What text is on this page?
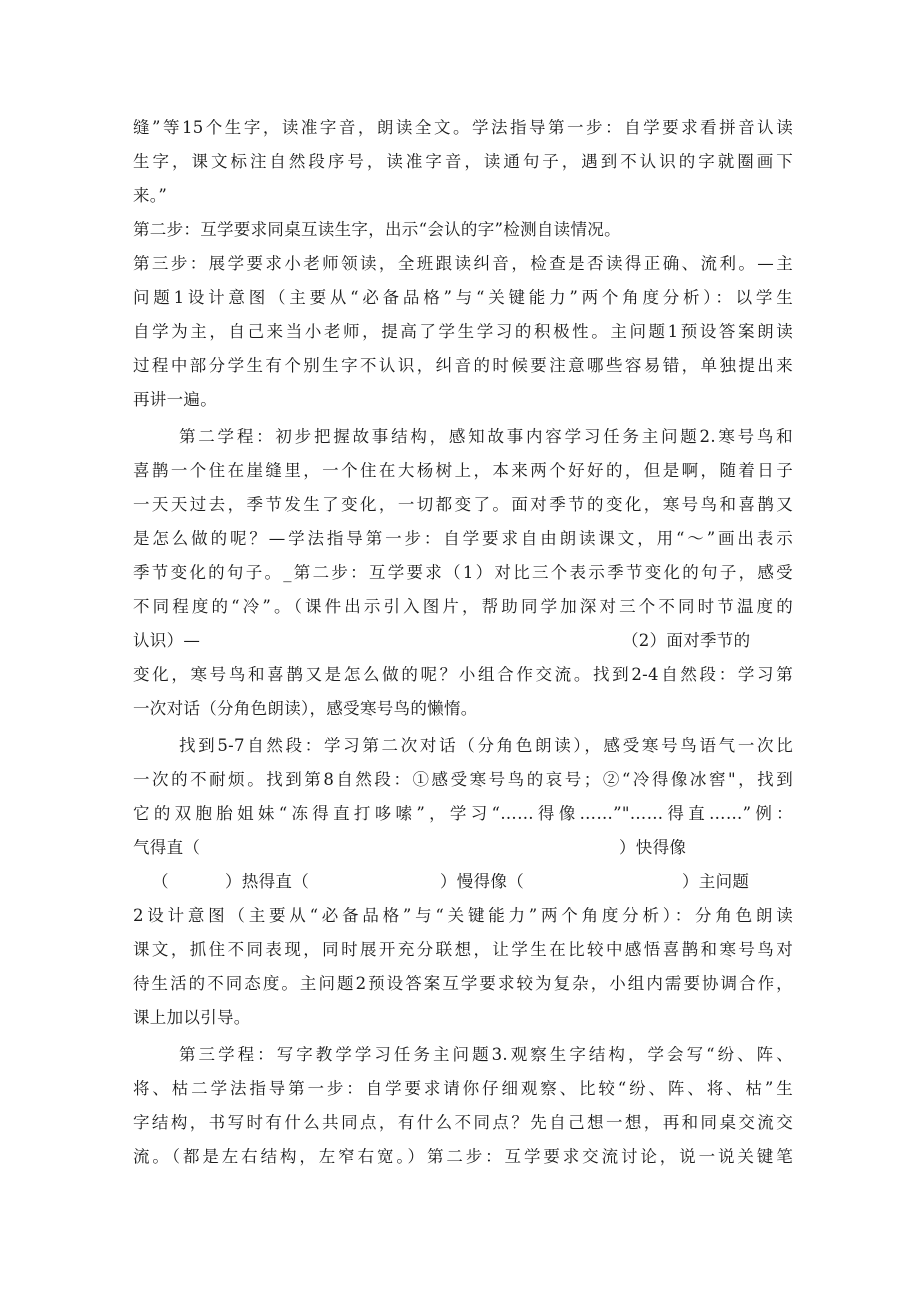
缝”等15个生字，读准字音，朗读全文。学法指导第一步：自学要求看拼音认读
生字，课文标注自然段序号，读准字音，读通句子，遇到不认识的字就圈画下
来。”
第二步：互学要求同桌互读生字，出示“会认的字”检测自读情况。
第三步：展学要求小老师领读，全班跟读纠音，检查是否读得正确、流利。—主
问题1设计意图（主要从“必备品格”与“关键能力”两个角度分析）：以学生
自学为主，自己来当小老师，提高了学生学习的积极性。主问题1预设答案朗读
过程中部分学生有个别生字不认识，纠音的时候要注意哪些容易错，单独提出来
再讲一遍。
第二学程：初步把握故事结构，感知故事内容学习任务主问题2.寒号鸟和
喜鹊一个住在崖缝里，一个住在大杨树上，本来两个好好的，但是啊，随着日子
一天天过去，季节发生了变化，一切都变了。面对季节的变化，寒号鸟和喜鹊又
是怎么做的呢？—学法指导第一步：自学要求自由朗读课文，用“～”画出表示
季节变化的句子。_第二步：互学要求（1）对比三个表示季节变化的句子，感受
不同程度的“冷”。（课件出示引入图片，帮助同学加深对三个不同时节温度的
认识）—	（2）面对季节的
变化，寒号鸟和喜鹊又是怎么做的呢？小组合作交流。找到2-4自然段：学习第
一次对话（分角色朗读），感受寒号鸟的懒惰。
找到5-7自然段：学习第二次对话（分角色朗读），感受寒号鸟语气一次比
一次的不耐烦。找到第8自然段：①感受寒号鸟的哀号；②“冷得像冰窖"，找到
它的双胞胎姐妹“冻得直打哆嗦”，学习“……得像……”"……得直……”例：
气得直（	）快得像
（	）热得直（	）慢得像（	）主问题
2设计意图（主要从“必备品格”与“关键能力”两个角度分析）：分角色朗读
课文，抓住不同表现，同时展开充分联想，让学生在比较中感悟喜鹊和寒号鸟对
待生活的不同态度。主问题2预设答案互学要求较为复杂，小组内需要协调合作，
课上加以引导。
第三学程：写字教学学习任务主问题3.观察生字结构，学会写“纷、阵、
将、枯二学法指导第一步：自学要求请你仔细观察、比较“纷、阵、将、枯”生
字结构，书写时有什么共同点，有什么不同点？先自己想一想，再和同桌交流交
流。（都是左右结构，左窄右宽。）第二步：互学要求交流讨论，说一说关键笔
